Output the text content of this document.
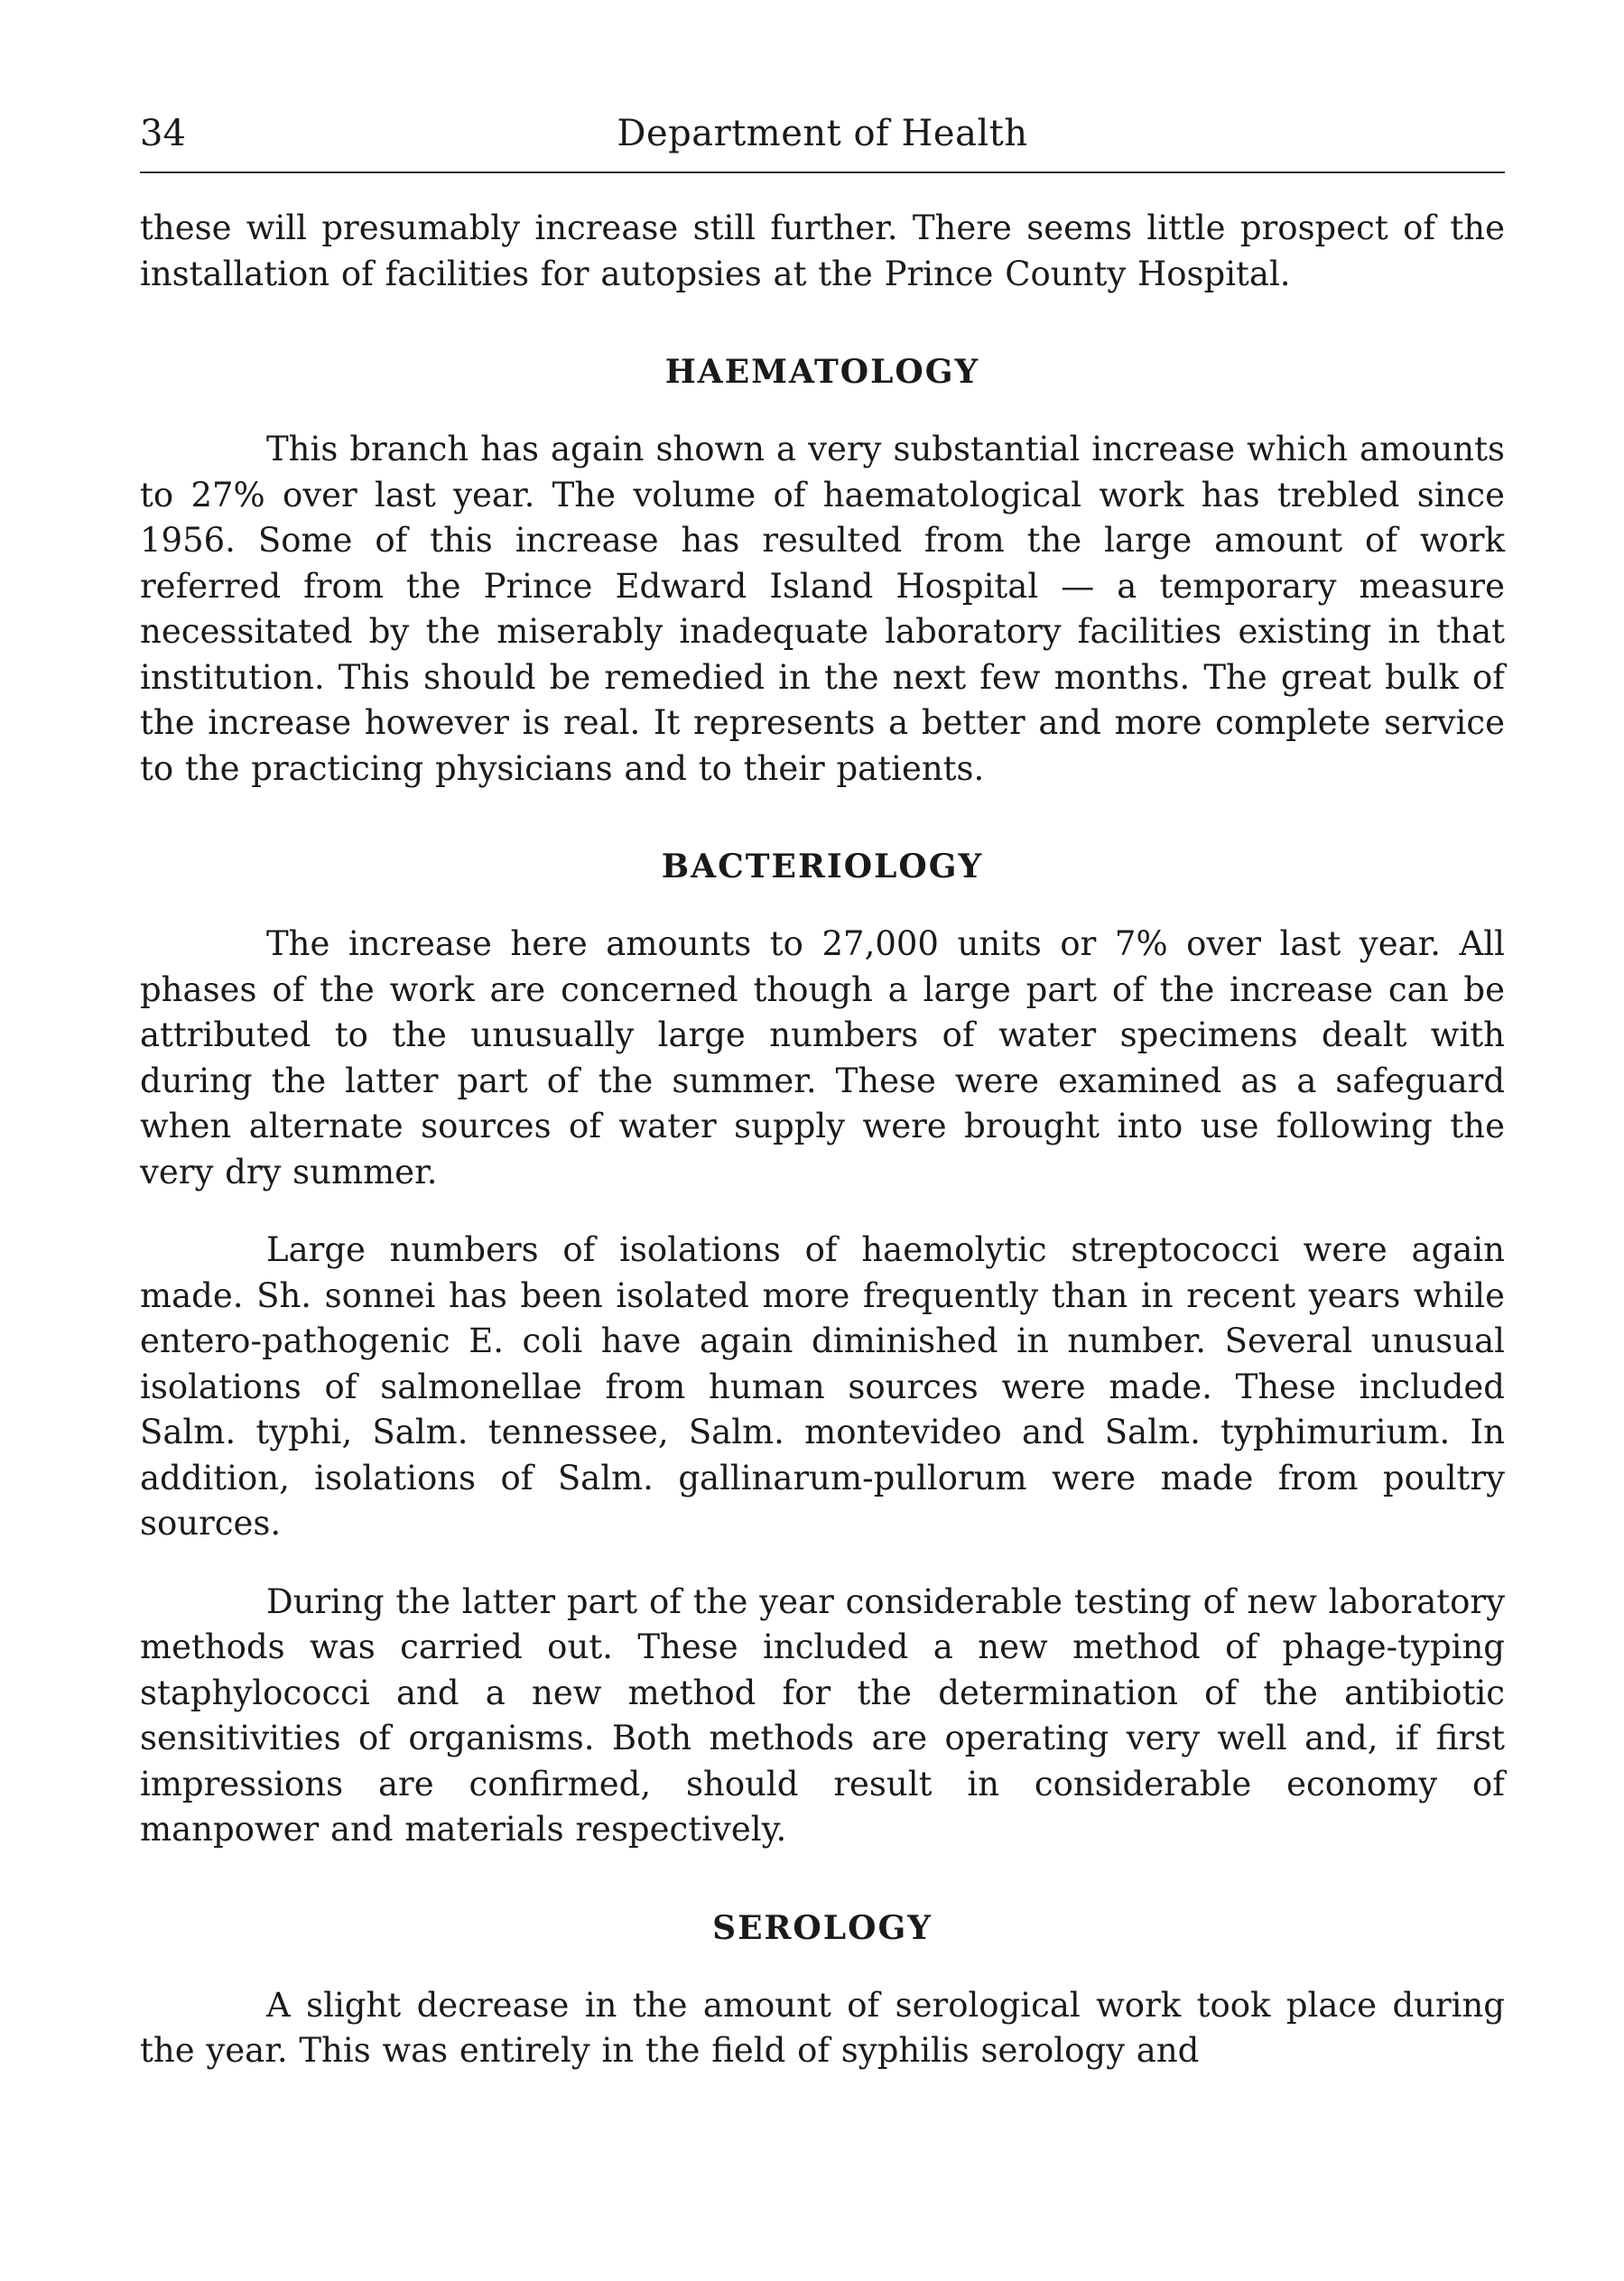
34	Department of Health

these will presumably increase still further. There seems little prospect of the installation of facilities for autopsies at the Prince County Hospital.

HAEMATOLOGY

This branch has again shown a very substantial increase which amounts to 27% over last year. The volume of haematological work has trebled since 1956. Some of this increase has resulted from the large amount of work referred from the Prince Edward Island Hospital — a temporary measure necessitated by the miserably inadequate laboratory facilities existing in that institution. This should be remedied in the next few months. The great bulk of the increase however is real. It represents a better and more complete service to the practicing physicians and to their patients.

BACTERIOLOGY

The increase here amounts to 27,000 units or 7% over last year. All phases of the work are concerned though a large part of the increase can be attributed to the unusually large numbers of water specimens dealt with during the latter part of the summer. These were examined as a safeguard when alternate sources of water supply were brought into use following the very dry summer.

Large numbers of isolations of haemolytic streptococci were again made. Sh. sonnei has been isolated more frequently than in recent years while entero-pathogenic E. coli have again diminished in number. Several unusual isolations of salmonellae from human sources were made. These included Salm. typhi, Salm. tennessee, Salm. montevideo and Salm. typhimurium. In addition, isolations of Salm. gallinarum-pullorum were made from poultry sources.

During the latter part of the year considerable testing of new laboratory methods was carried out. These included a new method of phage-typing staphylococci and a new method for the determination of the antibiotic sensitivities of organisms. Both methods are operating very well and, if first impressions are confirmed, should result in considerable economy of manpower and materials respectively.

SEROLOGY

A slight decrease in the amount of serological work took place during the year. This was entirely in the field of syphilis serology and
